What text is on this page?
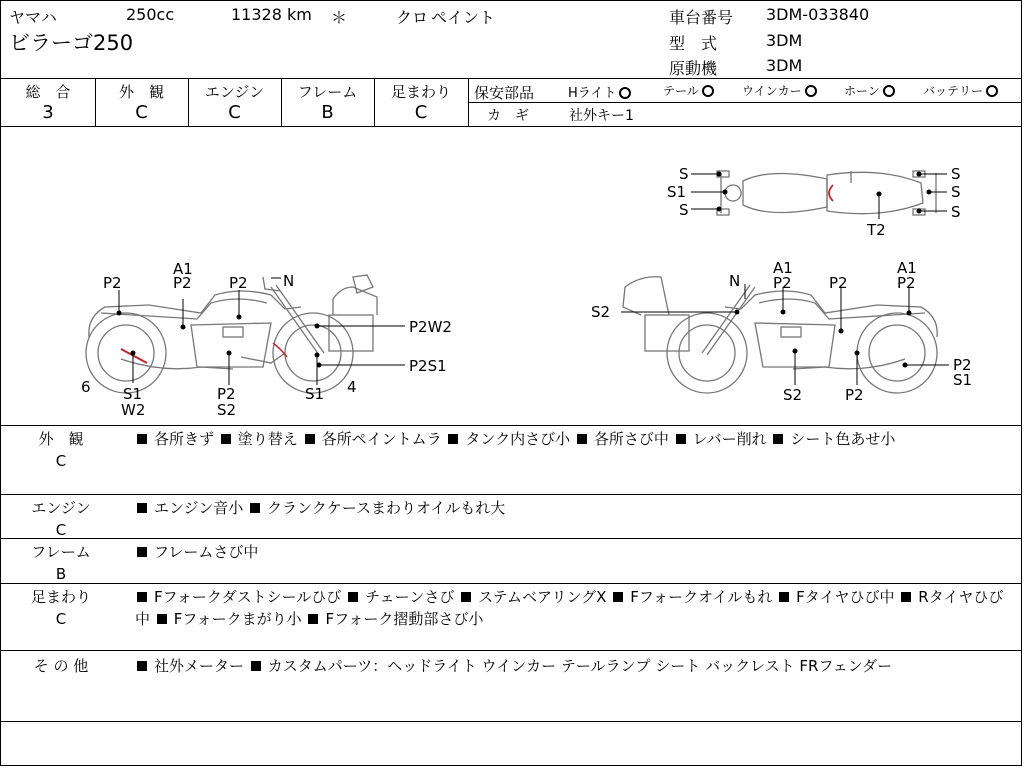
ヤマハ	250cc	11328 km ＊	クロ ペイント
ビラーゴ250
車台番号 3DM-033840
型　式	3DM
原動機	3DM
総　合
3
外　観
C
エンジン
C
フレーム
B
足まわり
C
保安部品	Hライト	テール	ウインカー	ホーン	バッテリー
カ　ギ	社外キー1
S
S1
S
S
S
S
T2
P2
A1
P2 P2 N
P2W2
P2S1
6 S1
W2
P2
S2
S1 4
N
A1
P2 P2
A1
P2
S2
P2
S1
S2	P2
外　観
C
各所きず 塗り替え 各所ペイントムラ タンク内さび小 各所さび中 レバー削れ シート色あせ小
エンジン
C
エンジン音小 クランクケースまわりオイルもれ大
フレーム
B
フレームさび中
足まわり
C
Fフォークダストシールひび チェーンさび ステムベアリングX Fフォークオイルもれ Fタイヤひび中 Rタイヤひび中 Fフォークまがり小 Fフォーク摺動部さび小
そ の 他	社外メーター カスタムパーツ：ヘッドライト ウインカー テールランプ シート バックレスト FRフェンダー
